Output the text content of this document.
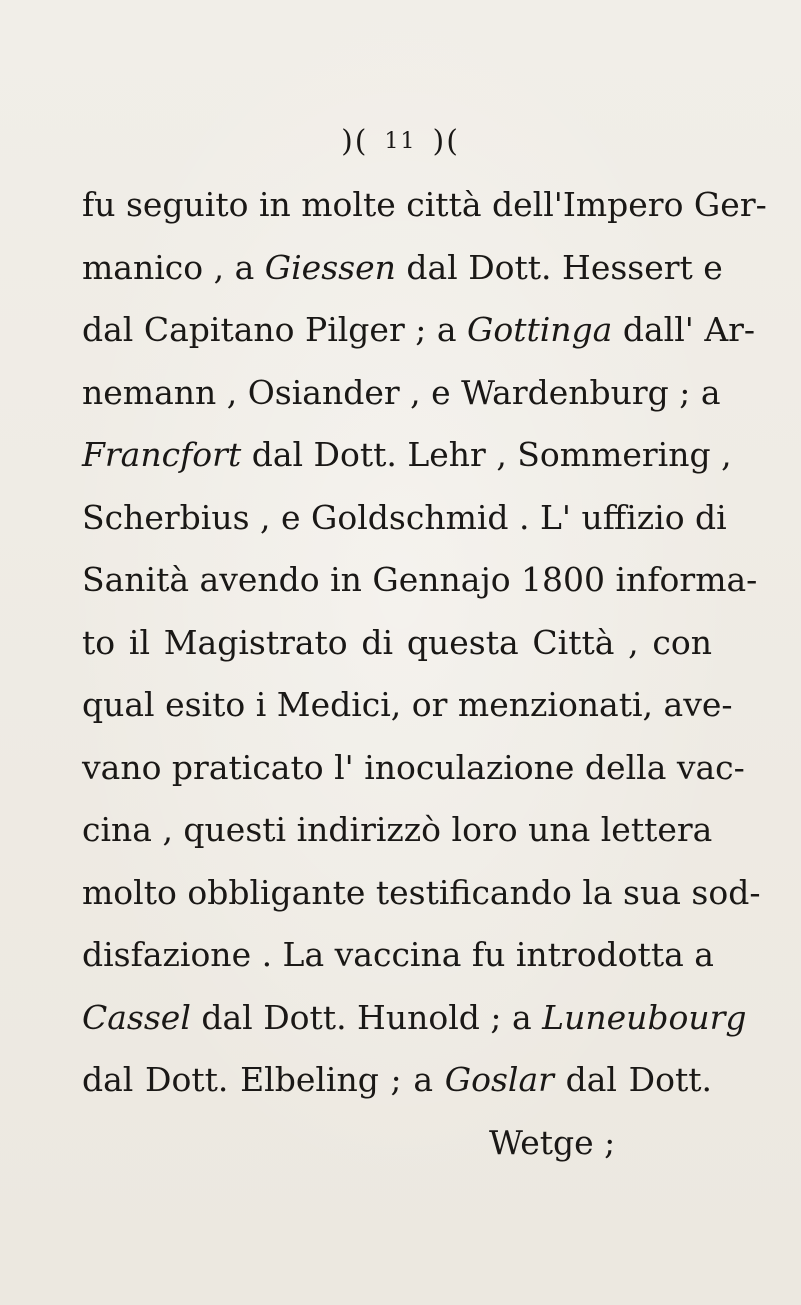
)( 11 )(
fu seguito in molte città dell'Impero Ger-
manico , a Giessen dal Dott. Hessert e
dal Capitano Pilger ; a Gottinga dall' Ar-
nemann , Osiander , e Wardenburg ; a
Francfort dal Dott. Lehr , Sommering ,
Scherbius , e Goldschmid . L' uffizio di
Sanità avendo in Gennajo 1800 informa-
to il Magistrato di questa Città , con
qual esito i Medici, or menzionati, ave-
vano praticato l' inoculazione della vac-
cina , questi indirizzò loro una lettera
molto obbligante testificando la sua sod-
disfazione . La vaccina fu introdotta a
Cassel dal Dott. Hunold ; a Luneubourg
dal Dott. Elbeling ; a Goslar dal Dott.
Wetge ;
